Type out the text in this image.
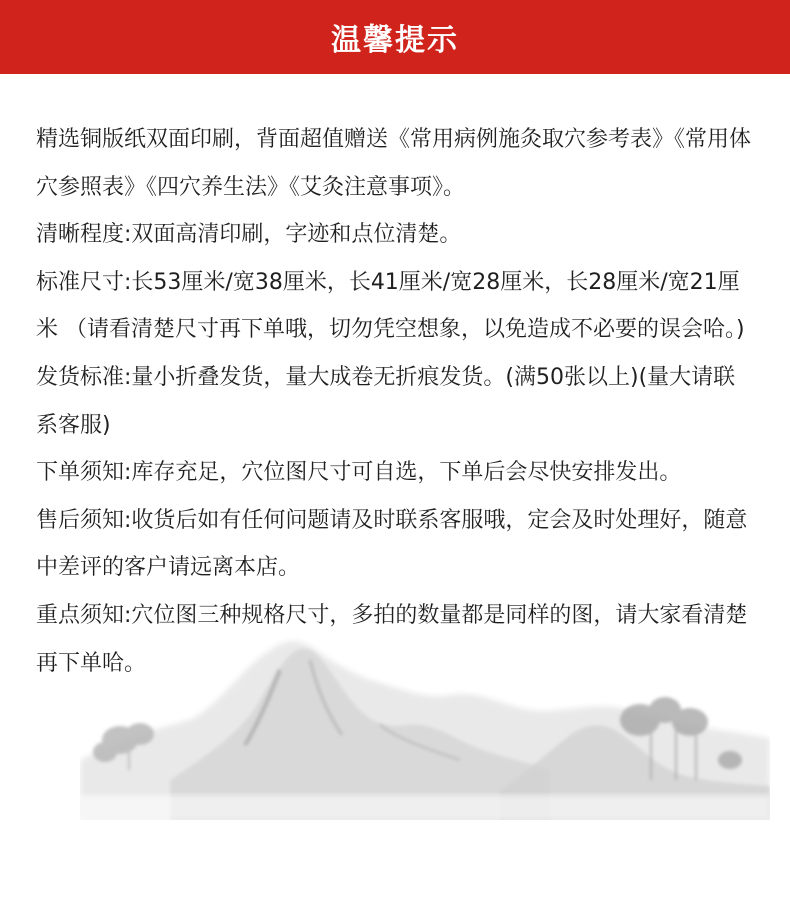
温馨提示

精选铜版纸双面印刷，背面超值赠送《常用病例施灸取穴参考表》《常用体穴参照表》《四穴养生法》《艾灸注意事项》。

清晰程度:双面高清印刷，字迹和点位清楚。

标准尺寸:长53厘米/宽38厘米，长41厘米/宽28厘米，长28厘米/宽21厘米 （请看清楚尺寸再下单哦，切勿凭空想象，以免造成不必要的误会哈。)发货标准:量小折叠发货，量大成卷无折痕发货。(满50张以上)(量大请联系客服)

下单须知:库存充足，穴位图尺寸可自选，下单后会尽快安排发出。

售后须知:收货后如有任何问题请及时联系客服哦，定会及时处理好，随意中差评的客户请远离本店。

重点须知:穴位图三种规格尺寸，多拍的数量都是同样的图，请大家看清楚再下单哈。
